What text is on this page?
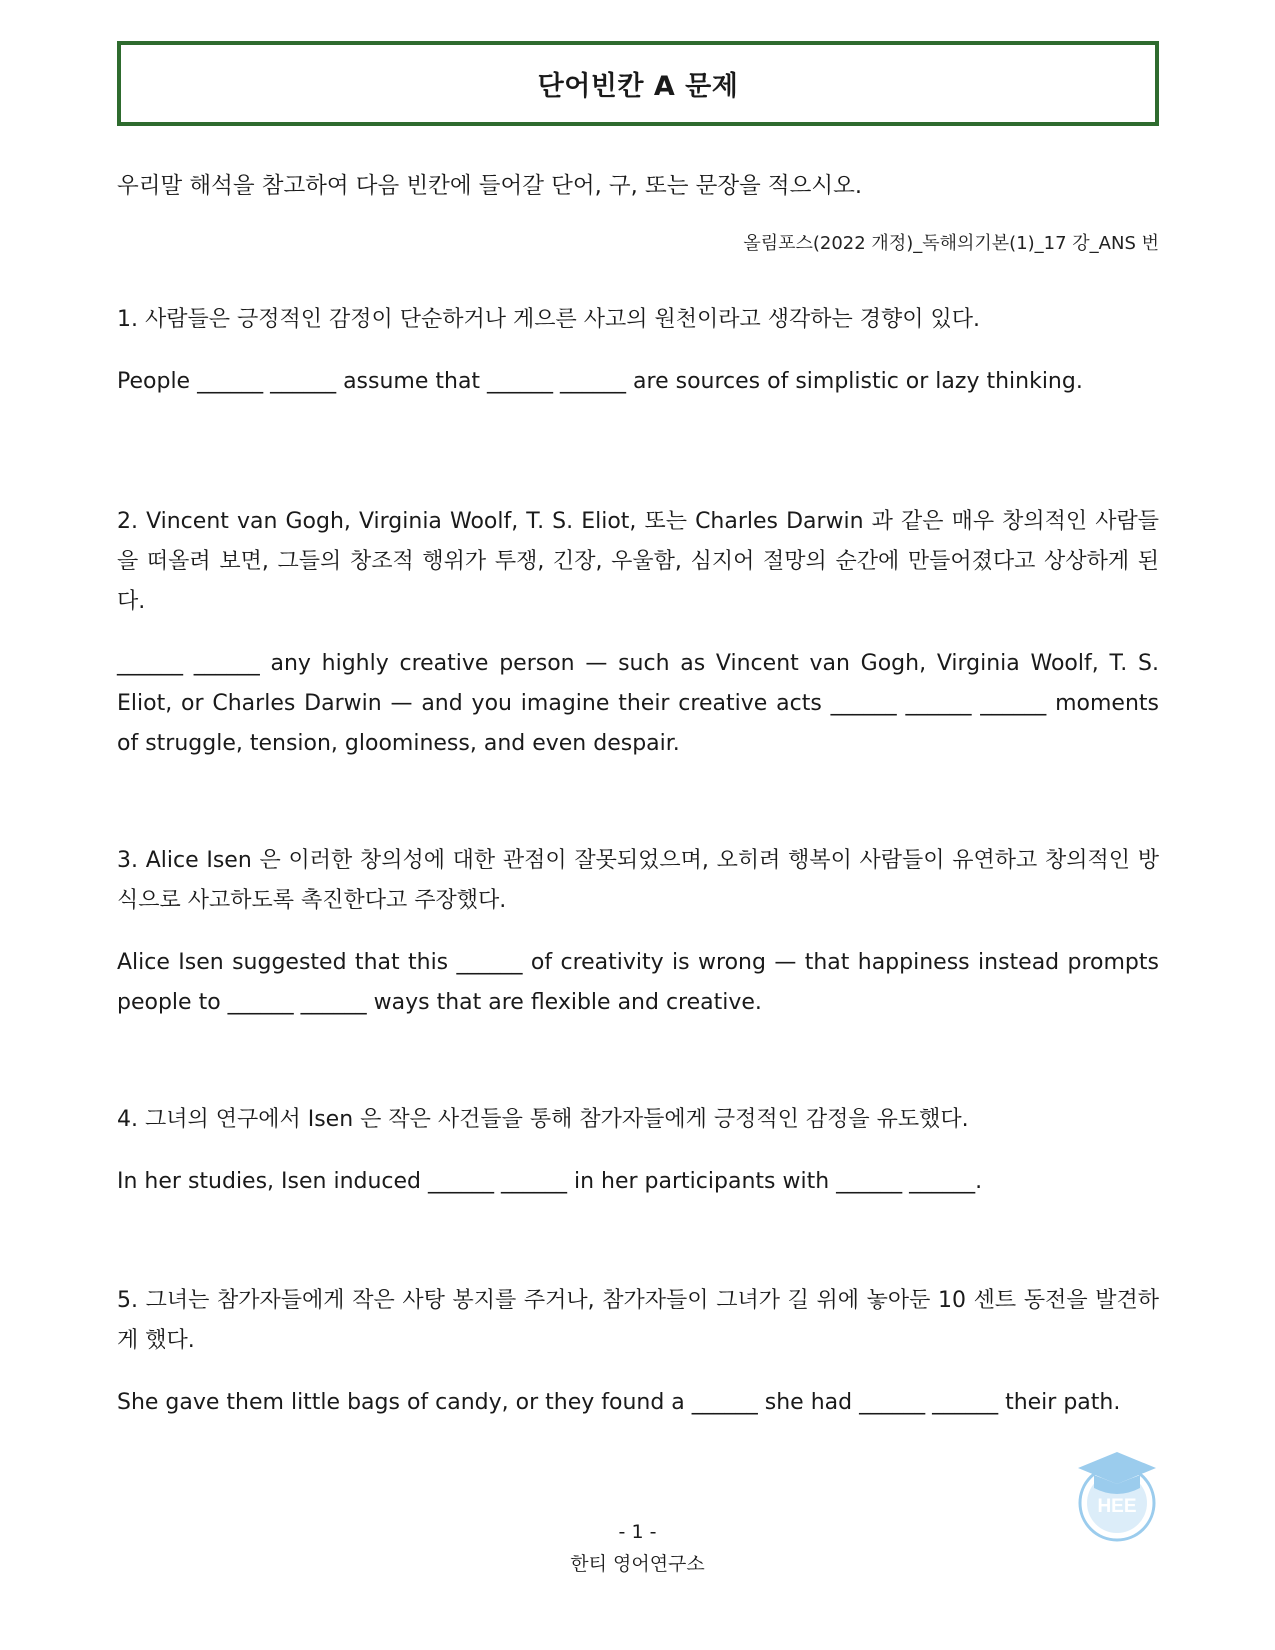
단어빈칸 A 문제

우리말 해석을 참고하여 다음 빈칸에 들어갈 단어, 구, 또는 문장을 적으시오.

올림포스(2022 개정)_독해의기본(1)_17 강_ANS 번

1. 사람들은 긍정적인 감정이 단순하거나 게으른 사고의 원천이라고 생각하는 경향이 있다.

People ______ ______ assume that ______ ______ are sources of simplistic or lazy thinking.

2. Vincent van Gogh, Virginia Woolf, T. S. Eliot, 또는 Charles Darwin 과 같은 매우 창의적인 사람들을 떠올려 보면, 그들의 창조적 행위가 투쟁, 긴장, 우울함, 심지어 절망의 순간에 만들어졌다고 상상하게 된다.

______ ______ any highly creative person — such as Vincent van Gogh, Virginia Woolf, T. S. Eliot, or Charles Darwin — and you imagine their creative acts ______ ______ ______ moments of struggle, tension, gloominess, and even despair.

3. Alice Isen 은 이러한 창의성에 대한 관점이 잘못되었으며, 오히려 행복이 사람들이 유연하고 창의적인 방식으로 사고하도록 촉진한다고 주장했다.

Alice Isen suggested that this ______ of creativity is wrong — that happiness instead prompts people to ______ ______ ways that are flexible and creative.

4. 그녀의 연구에서 Isen 은 작은 사건들을 통해 참가자들에게 긍정적인 감정을 유도했다.

In her studies, Isen induced ______ ______ in her participants with ______ ______.

5. 그녀는 참가자들에게 작은 사탕 봉지를 주거나, 참가자들이 그녀가 길 위에 놓아둔 10 센트 동전을 발견하게 했다.

She gave them little bags of candy, or they found a ______ she had ______ ______ their path.

HEE
- 1 -
한티 영어연구소
